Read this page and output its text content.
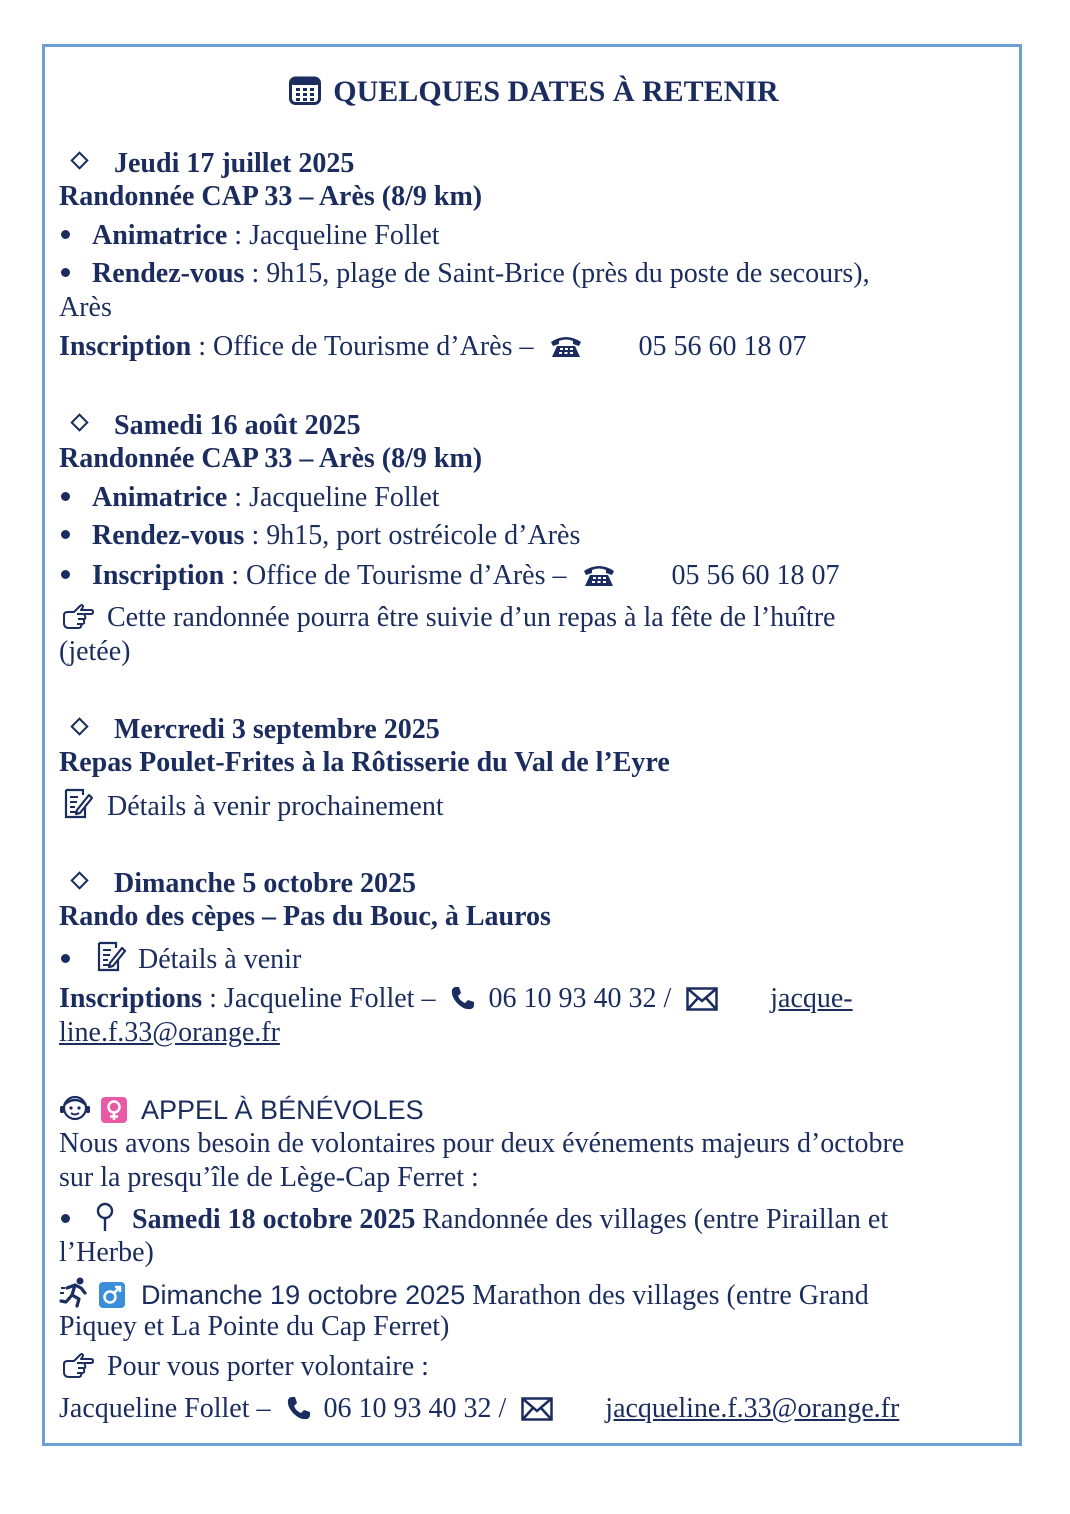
QUELQUES DATES À RETENIR
Jeudi 17 juillet 2025
Randonnée CAP 33 – Arès (8/9 km)
Animatrice : Jacqueline Follet
Rendez-vous : 9h15, plage de Saint-Brice (près du poste de secours),
Arès
Inscription : Office de Tourisme d’Arès –	05 56 60 18 07
Samedi 16 août 2025
Randonnée CAP 33 – Arès (8/9 km)
Animatrice : Jacqueline Follet
Rendez-vous : 9h15, port ostréicole d’Arès
Inscription : Office de Tourisme d’Arès –	05 56 60 18 07
Cette randonnée pourra être suivie d’un repas à la fête de l’huître
(jetée)
Mercredi 3 septembre 2025
Repas Poulet-Frites à la Rôtisserie du Val de l’Eyre
Détails à venir prochainement
Dimanche 5 octobre 2025
Rando des cèpes – Pas du Bouc, à Lauros
Détails à venir
Inscriptions : Jacqueline Follet – 06 10 93 40 32 /	jacque-
line.f.33@orange.fr
APPEL À BÉNÉVOLES
Nous avons besoin de volontaires pour deux événements majeurs d’octobre
sur la presqu’île de Lège-Cap Ferret :
Samedi 18 octobre 2025 Randonnée des villages (entre Piraillan et
l’Herbe)
Dimanche 19 octobre 2025 Marathon des villages (entre Grand
Piquey et La Pointe du Cap Ferret)
Pour vous porter volontaire :
Jacqueline Follet – 06 10 93 40 32 /	jacqueline.f.33@orange.fr
